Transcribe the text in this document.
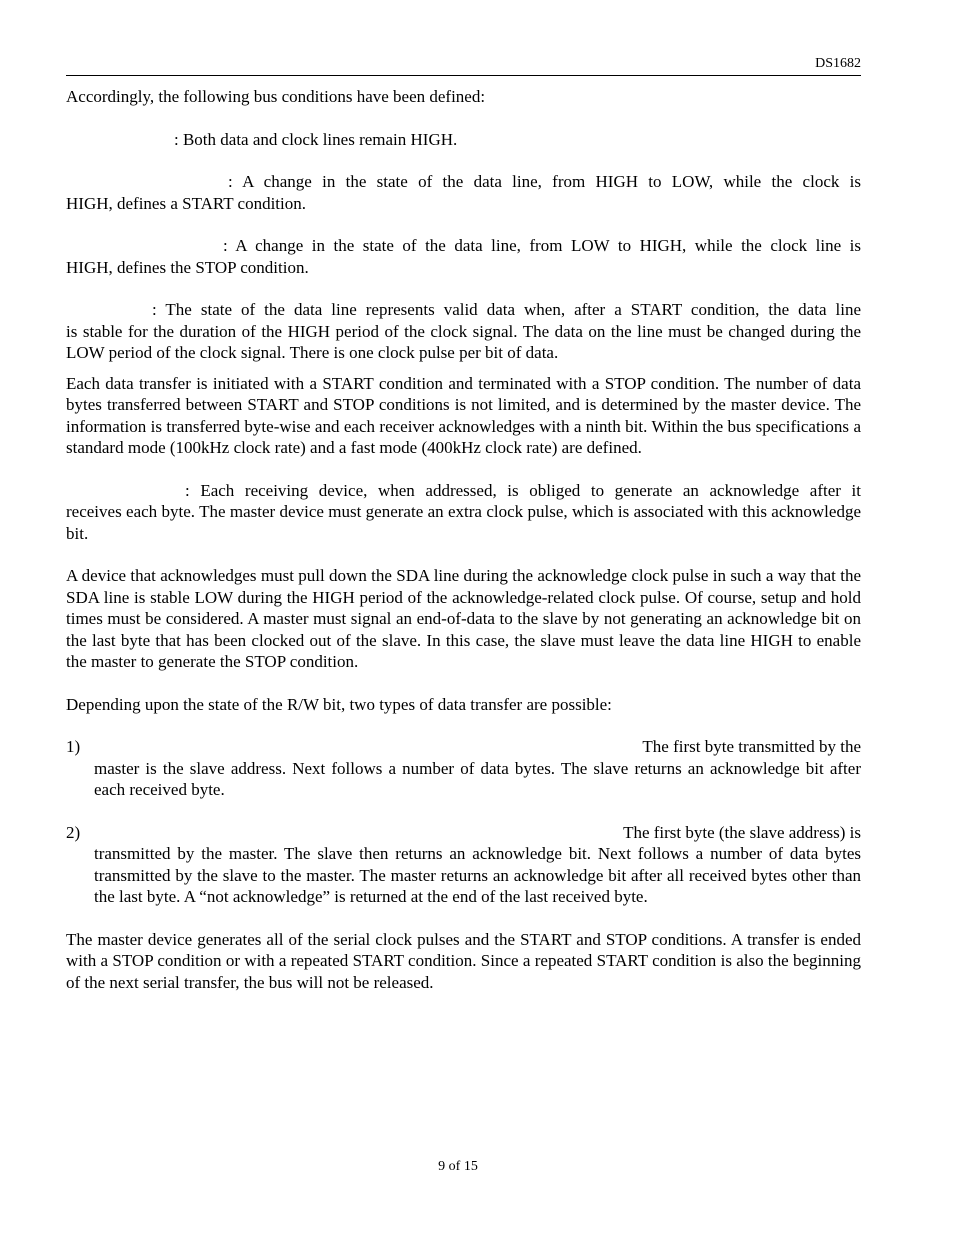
DS1682

Accordingly, the following bus conditions have been defined:

: Both data and clock lines remain HIGH.

: A change in the state of the data line, from HIGH to LOW, while the clock is
HIGH, defines a START condition.

: A change in the state of the data line, from LOW to HIGH, while the clock line is
HIGH, defines the STOP condition.

: The state of the data line represents valid data when, after a START condition, the data line
is stable for the duration of the HIGH period of the clock signal. The data on the line must be changed during the LOW period of the clock signal. There is one clock pulse per bit of data.

Each data transfer is initiated with a START condition and terminated with a STOP condition. The number of data bytes transferred between START and STOP conditions is not limited, and is determined by the master device. The information is transferred byte-wise and each receiver acknowledges with a ninth bit. Within the bus specifications a standard mode (100kHz clock rate) and a fast mode (400kHz clock rate) are defined.

: Each receiving device, when addressed, is obliged to generate an acknowledge after it
receives each byte. The master device must generate an extra clock pulse, which is associated with this acknowledge bit.

A device that acknowledges must pull down the SDA line during the acknowledge clock pulse in such a way that the SDA line is stable LOW during the HIGH period of the acknowledge-related clock pulse. Of course, setup and hold times must be considered. A master must signal an end-of-data to the slave by not generating an acknowledge bit on the last byte that has been clocked out of the slave. In this case, the slave must leave the data line HIGH to enable the master to generate the STOP condition.

Depending upon the state of the R/W bit, two types of data transfer are possible:

1)	The first byte transmitted by the
master is the slave address. Next follows a number of data bytes. The slave returns an acknowledge bit after each received byte.
2)	The first byte (the slave address) is
transmitted by the master. The slave then returns an acknowledge bit. Next follows a number of data bytes transmitted by the slave to the master. The master returns an acknowledge bit after all received bytes other than the last byte. A “not acknowledge” is returned at the end of the last received byte.

The master device generates all of the serial clock pulses and the START and STOP conditions. A transfer is ended with a STOP condition or with a repeated START condition. Since a repeated START condition is also the beginning of the next serial transfer, the bus will not be released.

9 of 15
